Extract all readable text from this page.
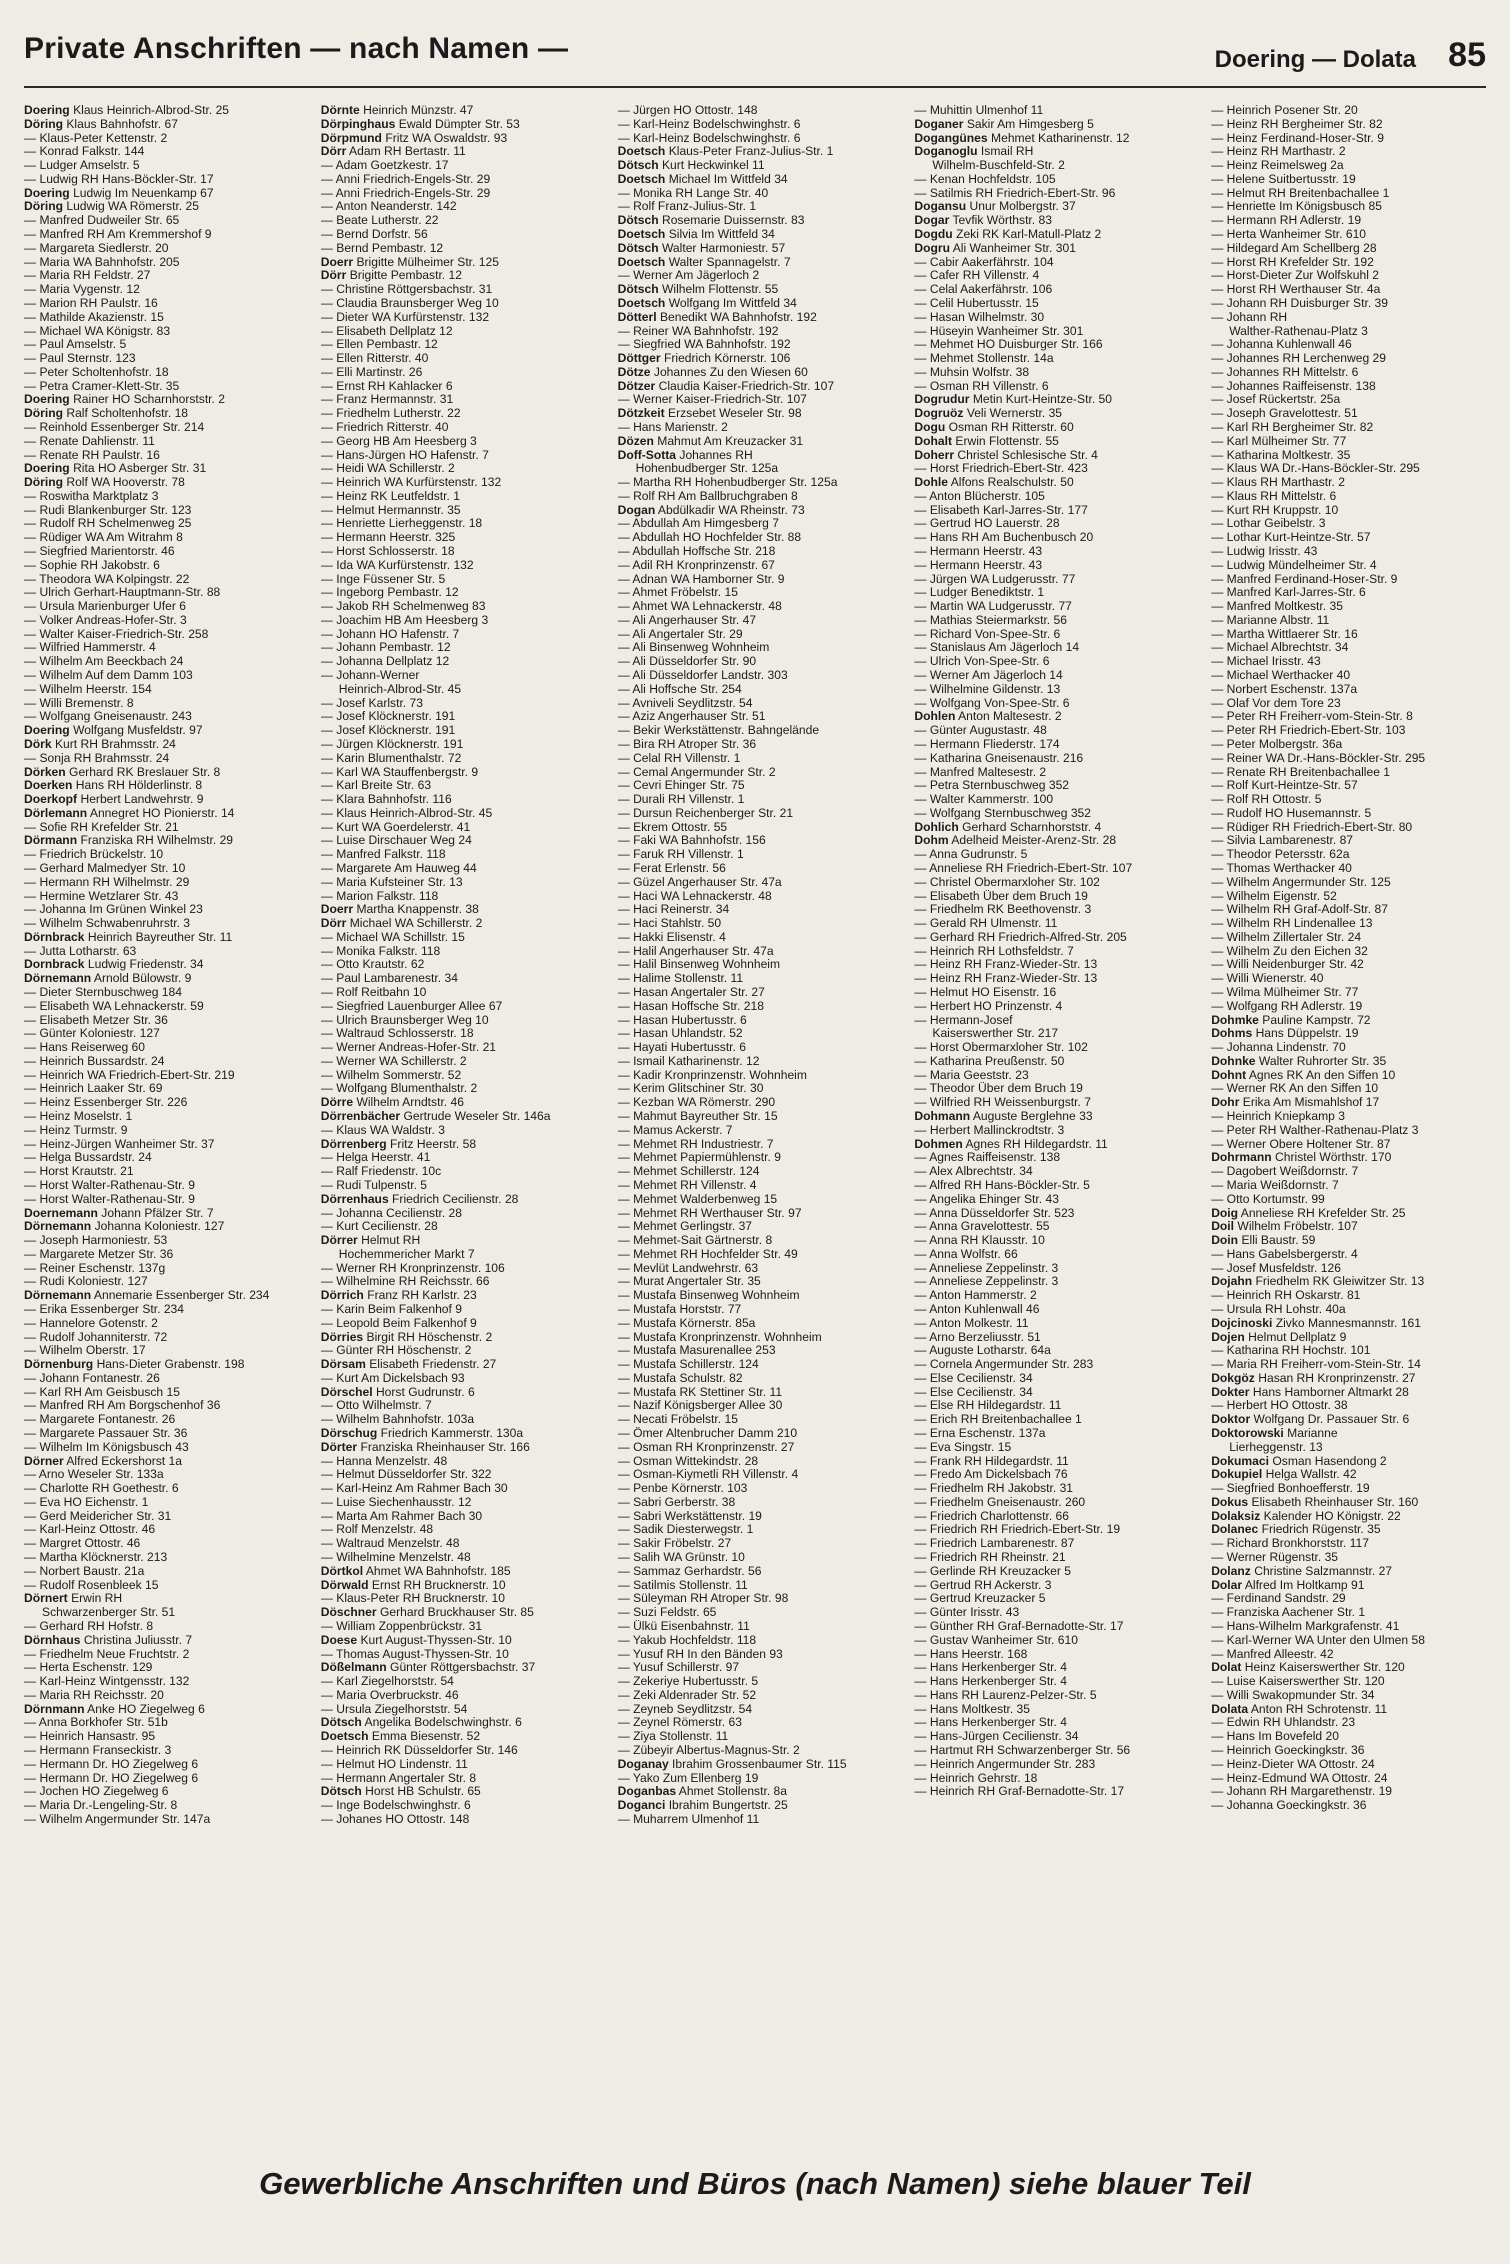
Private Anschriften — nach Namen —	Doering — Dolata 85
Doering Klaus Heinrich-Albrod-Str. 25
Döring Klaus Bahnhofstr. 67
— Klaus-Peter Kettenstr. 2
— Konrad Falkstr. 144
— Ludger Amselstr. 5
— Ludwig RH Hans-Böckler-Str. 17
Doering Ludwig Im Neuenkamp 67
Döring Ludwig WA Römerstr. 25
— Manfred Dudweiler Str. 65
— Manfred RH Am Kremmershof 9
— Margareta Siedlerstr. 20
— Maria WA Bahnhofstr. 205
— Maria RH Feldstr. 27
— Maria Vygenstr. 12
— Marion RH Paulstr. 16
— Mathilde Akazienstr. 15
— Michael WA Königstr. 83
— Paul Amselstr. 5
— Paul Sternstr. 123
— Peter Scholtenhofstr. 18
— Petra Cramer-Klett-Str. 35
Doering Rainer HO Scharnhorststr. 2
Döring Ralf Scholtenhofstr. 18
— Reinhold Essenberger Str. 214
— Renate Dahlienstr. 11
— Renate RH Paulstr. 16
Doering Rita HO Asberger Str. 31
Döring Rolf WA Hooverstr. 78
— Roswitha Marktplatz 3
— Rudi Blankenburger Str. 123
— Rudolf RH Schelmenweg 25
— Rüdiger WA Am Witrahm 8
— Siegfried Marientorstr. 46
— Sophie RH Jakobstr. 6
— Theodora WA Kolpingstr. 22
— Ulrich Gerhart-Hauptmann-Str. 88
— Ursula Marienburger Ufer 6
— Volker Andreas-Hofer-Str. 3
— Walter Kaiser-Friedrich-Str. 258
— Wilfried Hammerstr. 4
— Wilhelm Am Beeckbach 24
— Wilhelm Auf dem Damm 103
— Wilhelm Heerstr. 154
— Willi Bremenstr. 8
— Wolfgang Gneisenaustr. 243
Doering Wolfgang Musfeldstr. 97
Dörk Kurt RH Brahmsstr. 24
— Sonja RH Brahmsstr. 24
Dörken Gerhard RK Breslauer Str. 8
Doerken Hans RH Hölderlinstr. 8
Doerkopf Herbert Landwehrstr. 9
Dörlemann Annegret HO Pionierstr. 14
— Sofie RH Krefelder Str. 21
Dörmann Franziska RH Wilhelmstr. 29
— Friedrich Brückelstr. 10
— Gerhard Malmedyer Str. 10
— Hermann RH Wilhelmstr. 29
— Hermine Wetzlarer Str. 43
— Johanna Im Grünen Winkel 23
— Wilhelm Schwabenruhrstr. 3
Dörnbrack Heinrich Bayreuther Str. 11
— Jutta Lotharstr. 63
Dornbrack Ludwig Friedenstr. 34
Dörnemann Arnold Bülowstr. 9
— Dieter Sternbuschweg 184
— Elisabeth WA Lehnackerstr. 59
— Elisabeth Metzer Str. 36
— Günter Koloniestr. 127
— Hans Reiserweg 60
— Heinrich Bussardstr. 24
— Heinrich WA Friedrich-Ebert-Str. 219
— Heinrich Laaker Str. 69
— Heinz Essenberger Str. 226
— Heinz Moselstr. 1
— Heinz Turmstr. 9
— Heinz-Jürgen Wanheimer Str. 37
— Helga Bussardstr. 24
— Horst Krautstr. 21
— Horst Walter-Rathenau-Str. 9
— Horst Walter-Rathenau-Str. 9
Doernemann Johann Pfälzer Str. 7
Dörnemann Johanna Koloniestr. 127
— Joseph Harmoniestr. 53
— Margarete Metzer Str. 36
— Reiner Eschenstr. 137g
— Rudi Koloniestr. 127
Dörnemann Annemarie Essenberger Str. 234
— Erika Essenberger Str. 234
— Hannelore Gotenstr. 2
— Rudolf Johanniterstr. 72
— Wilhelm Oberstr. 17
Dörnenburg Hans-Dieter Grabenstr. 198
— Johann Fontanestr. 26
— Karl RH Am Geisbusch 15
— Manfred RH Am Borgschenhof 36
— Margarete Fontanestr. 26
— Margarete Passauer Str. 36
— Wilhelm Im Königsbusch 43
Dörner Alfred Eckershorst 1a
— Arno Weseler Str. 133a
— Charlotte RH Goethestr. 6
— Eva HO Eichenstr. 1
— Gerd Meidericher Str. 31
— Karl-Heinz Ottostr. 46
— Margret Ottostr. 46
— Martha Klöcknerstr. 213
— Norbert Baustr. 21a
— Rudolf Rosenbleek 15
Dörnert Erwin RH
Schwarzenberger Str. 51
— Gerhard RH Hofstr. 8
Dörnhaus Christina Juliusstr. 7
— Friedhelm Neue Fruchtstr. 2
— Herta Eschenstr. 129
— Karl-Heinz Wintgensstr. 132
— Maria RH Reichsstr. 20
Dörnmann Anke HO Ziegelweg 6
— Anna Borkhofer Str. 51b
— Heinrich Hansastr. 95
— Hermann Franseckistr. 3
— Hermann Dr. HO Ziegelweg 6
— Hermann Dr. HO Ziegelweg 6
— Jochen HO Ziegelweg 6
— Maria Dr.-Lengeling-Str. 8
— Wilhelm Angermunder Str. 147a
Dörnte Heinrich Münzstr. 47
Dörpinghaus Ewald Dümpter Str. 53
Dörpmund Fritz WA Oswaldstr. 93
Dörr Adam RH Bertastr. 11
— Adam Goetzkestr. 17
— Anni Friedrich-Engels-Str. 29
— Anni Friedrich-Engels-Str. 29
— Anton Neanderstr. 142
— Beate Lutherstr. 22
— Bernd Dorfstr. 56
— Bernd Pembastr. 12
Doerr Brigitte Mülheimer Str. 125
Dörr Brigitte Pembastr. 12
— Christine Röttgersbachstr. 31
— Claudia Braunsberger Weg 10
— Dieter WA Kurfürstenstr. 132
— Elisabeth Dellplatz 12
— Ellen Pembastr. 12
— Ellen Ritterstr. 40
— Elli Martinstr. 26
— Ernst RH Kahlacker 6
— Franz Hermannstr. 31
— Friedhelm Lutherstr. 22
— Friedrich Ritterstr. 40
— Georg HB Am Heesberg 3
— Hans-Jürgen HO Hafenstr. 7
— Heidi WA Schillerstr. 2
— Heinrich WA Kurfürstenstr. 132
— Heinz RK Leutfeldstr. 1
— Helmut Hermannstr. 35
— Henriette Lierheggenstr. 18
— Hermann Heerstr. 325
— Horst Schlosserstr. 18
— Ida WA Kurfürstenstr. 132
— Inge Füssener Str. 5
— Ingeborg Pembastr. 12
— Jakob RH Schelmenweg 83
— Joachim HB Am Heesberg 3
— Johann HO Hafenstr. 7
— Johann Pembastr. 12
— Johanna Dellplatz 12
— Johann-Werner
Heinrich-Albrod-Str. 45
— Josef Karlstr. 73
— Josef Klöcknerstr. 191
— Josef Klöcknerstr. 191
— Jürgen Klöcknerstr. 191
— Karin Blumenthalstr. 72
— Karl WA Stauffenbergstr. 9
— Karl Breite Str. 63
— Klara Bahnhofstr. 116
— Klaus Heinrich-Albrod-Str. 45
— Kurt WA Goerdelerstr. 41
— Luise Dirschauer Weg 24
— Manfred Falkstr. 118
— Margarete Am Hauweg 44
— Maria Kufsteiner Str. 13
— Marion Falkstr. 118
Doerr Martha Knappenstr. 38
Dörr Michael WA Schillerstr. 2
— Michael WA Schillstr. 15
— Monika Falkstr. 118
— Otto Krautstr. 62
— Paul Lambarenestr. 34
— Rolf Reitbahn 10
— Siegfried Lauenburger Allee 67
— Ulrich Braunsberger Weg 10
— Waltraud Schlosserstr. 18
— Werner Andreas-Hofer-Str. 21
— Werner WA Schillerstr. 2
— Wilhelm Sommerstr. 52
— Wolfgang Blumenthalstr. 2
Dörre Wilhelm Arndtstr. 46
Dörrenbächer Gertrude Weseler Str. 146a
— Klaus WA Waldstr. 3
Dörrenberg Fritz Heerstr. 58
— Helga Heerstr. 41
— Ralf Friedenstr. 10c
— Rudi Tulpenstr. 5
Dörrenhaus Friedrich Cecilienstr. 28
— Johanna Cecilienstr. 28
— Kurt Cecilienstr. 28
Dörrer Helmut RH
Hochemmericher Markt 7
— Werner RH Kronprinzenstr. 106
— Wilhelmine RH Reichsstr. 66
Dörrich Franz RH Karlstr. 23
— Karin Beim Falkenhof 9
— Leopold Beim Falkenhof 9
Dörries Birgit RH Höschenstr. 2
— Günter RH Höschenstr. 2
Dörsam Elisabeth Friedenstr. 27
— Kurt Am Dickelsbach 93
Dörschel Horst Gudrunstr. 6
— Otto Wilhelmstr. 7
— Wilhelm Bahnhofstr. 103a
Dörschug Friedrich Kammerstr. 130a
Dörter Franziska Rheinhauser Str. 166
— Hanna Menzelstr. 48
— Helmut Düsseldorfer Str. 322
— Karl-Heinz Am Rahmer Bach 30
— Luise Siechenhausstr. 12
— Marta Am Rahmer Bach 30
— Rolf Menzelstr. 48
— Waltraud Menzelstr. 48
— Wilhelmine Menzelstr. 48
Dörtkol Ahmet WA Bahnhofstr. 185
Dörwald Ernst RH Brucknerstr. 10
— Klaus-Peter RH Brucknerstr. 10
Döschner Gerhard Bruckhauser Str. 85
— William Zoppenbrückstr. 31
Doese Kurt August-Thyssen-Str. 10
— Thomas August-Thyssen-Str. 10
Dößelmann Günter Röttgersbachstr. 37
— Karl Ziegelhorststr. 54
— Maria Overbruckstr. 46
— Ursula Ziegelhorststr. 54
Dötsch Angelika Bodelschwinghstr. 6
Doetsch Emma Biesenstr. 52
— Heinrich RK Düsseldorfer Str. 146
— Helmut HO Lindenstr. 11
— Hermann Angertaler Str. 8
Dötsch Horst HB Schulstr. 65
— Inge Bodelschwinghstr. 6
— Johanes HO Ottostr. 148
— Jürgen HO Ottostr. 148
— Karl-Heinz Bodelschwinghstr. 6
— Karl-Heinz Bodelschwinghstr. 6
Doetsch Klaus-Peter Franz-Julius-Str. 1
Dötsch Kurt Heckwinkel 11
Doetsch Michael Im Wittfeld 34
— Monika RH Lange Str. 40
— Rolf Franz-Julius-Str. 1
Dötsch Rosemarie Duissernstr. 83
Doetsch Silvia Im Wittfeld 34
Dötsch Walter Harmoniestr. 57
Doetsch Walter Spannagelstr. 7
— Werner Am Jägerloch 2
Dötsch Wilhelm Flottenstr. 55
Doetsch Wolfgang Im Wittfeld 34
Dötterl Benedikt WA Bahnhofstr. 192
— Reiner WA Bahnhofstr. 192
— Siegfried WA Bahnhofstr. 192
Döttger Friedrich Körnerstr. 106
Dötze Johannes Zu den Wiesen 60
Dötzer Claudia Kaiser-Friedrich-Str. 107
— Werner Kaiser-Friedrich-Str. 107
Dötzkeit Erzsebet Weseler Str. 98
— Hans Marienstr. 2
Dözen Mahmut Am Kreuzacker 31
Doff-Sotta Johannes RH
Hohenbudberger Str. 125a
— Martha RH Hohenbudberger Str. 125a
— Rolf RH Am Ballbruchgraben 8
Dogan Abdülkadir WA Rheinstr. 73
— Abdullah Am Himgesberg 7
— Abdullah HO Hochfelder Str. 88
— Abdullah Hoffsche Str. 218
— Adil RH Kronprinzenstr. 67
— Adnan WA Hamborner Str. 9
— Ahmet Fröbelstr. 15
— Ahmet WA Lehnackerstr. 48
— Ali Angerhauser Str. 47
— Ali Angertaler Str. 29
— Ali Binsenweg Wohnheim
— Ali Düsseldorfer Str. 90
— Ali Düsseldorfer Landstr. 303
— Ali Hoffsche Str. 254
— Avniveli Seydlitzstr. 54
— Aziz Angerhauser Str. 51
— Bekir Werkstättenstr. Bahngelände
— Bira RH Atroper Str. 36
— Celal RH Villenstr. 1
— Cemal Angermunder Str. 2
— Cevri Ehinger Str. 75
— Durali RH Villenstr. 1
— Dursun Reichenberger Str. 21
— Ekrem Ottostr. 55
— Faki WA Bahnhofstr. 156
— Faruk RH Villenstr. 1
— Ferat Erlenstr. 56
— Güzel Angerhauser Str. 47a
— Haci WA Lehnackerstr. 48
— Haci Reinerstr. 34
— Haci Stahlstr. 50
— Hakki Elisenstr. 4
— Halil Angerhauser Str. 47a
— Halil Binsenweg Wohnheim
— Halime Stollenstr. 11
— Hasan Angertaler Str. 27
— Hasan Hoffsche Str. 218
— Hasan Hubertusstr. 6
— Hasan Uhlandstr. 52
— Hayati Hubertusstr. 6
— Ismail Katharinenstr. 12
— Kadir Kronprinzenstr. Wohnheim
— Kerim Glitschiner Str. 30
— Kezban WA Römerstr. 290
— Mahmut Bayreuther Str. 15
— Mamus Ackerstr. 7
— Mehmet RH Industriestr. 7
— Mehmet Papiermühlenstr. 9
— Mehmet Schillerstr. 124
— Mehmet RH Villenstr. 4
— Mehmet Walderbenweg 15
— Mehmet RH Werthauser Str. 97
— Mehmet Gerlingstr. 37
— Mehmet-Sait Gärtnerstr. 8
— Mehmet RH Hochfelder Str. 49
— Mevlüt Landwehrstr. 63
— Murat Angertaler Str. 35
— Mustafa Binsenweg Wohnheim
— Mustafa Horststr. 77
— Mustafa Körnerstr. 85a
— Mustafa Kronprinzenstr. Wohnheim
— Mustafa Masurenallee 253
— Mustafa Schillerstr. 124
— Mustafa Schulstr. 82
— Mustafa RK Stettiner Str. 11
— Nazif Königsberger Allee 30
— Necati Fröbelstr. 15
— Ömer Altenbrucher Damm 210
— Osman RH Kronprinzenstr. 27
— Osman Wittekindstr. 28
— Osman-Kiymetli RH Villenstr. 4
— Penbe Körnerstr. 103
— Sabri Gerberstr. 38
— Sabri Werkstättenstr. 19
— Sadik Diesterwegstr. 1
— Sakir Fröbelstr. 27
— Salih WA Grünstr. 10
— Sammaz Gerhardstr. 56
— Satilmis Stollenstr. 11
— Süleyman RH Atroper Str. 98
— Suzi Feldstr. 65
— Ülkü Eisenbahnstr. 11
— Yakub Hochfeldstr. 118
— Yusuf RH In den Bänden 93
— Yusuf Schillerstr. 97
— Zekeriye Hubertusstr. 5
— Zeki Aldenrader Str. 52
— Zeyneb Seydlitzstr. 54
— Zeynel Römerstr. 63
— Ziya Stollenstr. 11
— Zübeyir Albertus-Magnus-Str. 2
Doganay Ibrahim Grossenbaumer Str. 115
— Yako Zum Ellenberg 19
Doganbas Ahmet Stollenstr. 8a
Doganci Ibrahim Bungertstr. 25
— Muharrem Ulmenhof 11
— Muhittin Ulmenhof 11
Doganer Sakir Am Himgesberg 5
Dogangünes Mehmet Katharinenstr. 12
Doganoglu Ismail RH
Wilhelm-Buschfeld-Str. 2
— Kenan Hochfeldstr. 105
— Satilmis RH Friedrich-Ebert-Str. 96
Dogansu Unur Molbergstr. 37
Dogar Tevfik Wörthstr. 83
Dogdu Zeki RK Karl-Matull-Platz 2
Dogru Ali Wanheimer Str. 301
— Cabir Aakerfährstr. 104
— Cafer RH Villenstr. 4
— Celal Aakerfährstr. 106
— Celil Hubertusstr. 15
— Hasan Wilhelmstr. 30
— Hüseyin Wanheimer Str. 301
— Mehmet HO Duisburger Str. 166
— Mehmet Stollenstr. 14a
— Muhsin Wolfstr. 38
— Osman RH Villenstr. 6
Dogrudur Metin Kurt-Heintze-Str. 50
Dogruöz Veli Wernerstr. 35
Dogu Osman RH Ritterstr. 60
Dohalt Erwin Flottenstr. 55
Doherr Christel Schlesische Str. 4
— Horst Friedrich-Ebert-Str. 423
Dohle Alfons Realschulstr. 50
— Anton Blücherstr. 105
— Elisabeth Karl-Jarres-Str. 177
— Gertrud HO Lauerstr. 28
— Hans RH Am Buchenbusch 20
— Hermann Heerstr. 43
— Hermann Heerstr. 43
— Jürgen WA Ludgerusstr. 77
— Ludger Benediktstr. 1
— Martin WA Ludgerusstr. 77
— Mathias Steiermarkstr. 56
— Richard Von-Spee-Str. 6
— Stanislaus Am Jägerloch 14
— Ulrich Von-Spee-Str. 6
— Werner Am Jägerloch 14
— Wilhelmine Gildenstr. 13
— Wolfgang Von-Spee-Str. 6
Dohlen Anton Maltesestr. 2
— Günter Augustastr. 48
— Hermann Fliederstr. 174
— Katharina Gneisenaustr. 216
— Manfred Maltesestr. 2
— Petra Sternbuschweg 352
— Walter Kammerstr. 100
— Wolfgang Sternbuschweg 352
Dohlich Gerhard Scharnhorststr. 4
Dohm Adelheid Meister-Arenz-Str. 28
— Anna Gudrunstr. 5
— Anneliese RH Friedrich-Ebert-Str. 107
— Christel Obermarxloher Str. 102
— Elisabeth Über dem Bruch 19
— Friedhelm RK Beethovenstr. 3
— Gerald RH Ulmenstr. 11
— Gerhard RH Friedrich-Alfred-Str. 205
— Heinrich RH Lothsfeldstr. 7
— Heinz RH Franz-Wieder-Str. 13
— Heinz RH Franz-Wieder-Str. 13
— Helmut HO Eisenstr. 16
— Herbert HO Prinzenstr. 4
— Hermann-Josef
Kaiserswerther Str. 217
— Horst Obermarxloher Str. 102
— Katharina Preußenstr. 50
— Maria Geeststr. 23
— Theodor Über dem Bruch 19
— Wilfried RH Weissenburgstr. 7
Dohmann Auguste Berglehne 33
— Herbert Mallinckrodtstr. 3
Dohmen Agnes RH Hildegardstr. 11
— Agnes Raiffeisenstr. 138
— Alex Albrechtstr. 34
— Alfred RH Hans-Böckler-Str. 5
— Angelika Ehinger Str. 43
— Anna Düsseldorfer Str. 523
— Anna Gravelottestr. 55
— Anna RH Klausstr. 10
— Anna Wolfstr. 66
— Anneliese Zeppelinstr. 3
— Anneliese Zeppelinstr. 3
— Anton Hammerstr. 2
— Anton Kuhlenwall 46
— Anton Molkestr. 11
— Arno Berzeliusstr. 51
— Auguste Lotharstr. 64a
— Cornela Angermunder Str. 283
— Else Cecilienstr. 34
— Else Cecilienstr. 34
— Else RH Hildegardstr. 11
— Erich RH Breitenbachallee 1
— Erna Eschenstr. 137a
— Eva Singstr. 15
— Frank RH Hildegardstr. 11
— Fredo Am Dickelsbach 76
— Friedhelm RH Jakobstr. 31
— Friedhelm Gneisenaustr. 260
— Friedrich Charlottenstr. 66
— Friedrich RH Friedrich-Ebert-Str. 19
— Friedrich Lambarenestr. 87
— Friedrich RH Rheinstr. 21
— Gerlinde RH Kreuzacker 5
— Gertrud RH Ackerstr. 3
— Gertrud Kreuzacker 5
— Günter Irisstr. 43
— Günther RH Graf-Bernadotte-Str. 17
— Gustav Wanheimer Str. 610
— Hans Heerstr. 168
— Hans Herkenberger Str. 4
— Hans Herkenberger Str. 4
— Hans RH Laurenz-Pelzer-Str. 5
— Hans Moltkestr. 35
— Hans Herkenberger Str. 4
— Hans-Jürgen Cecilienstr. 34
— Hartmut RH Schwarzenberger Str. 56
— Heinrich Angermunder Str. 283
— Heinrich Gehrstr. 18
— Heinrich RH Graf-Bernadotte-Str. 17
— Heinrich Posener Str. 20
— Heinz RH Bergheimer Str. 82
— Heinz Ferdinand-Hoser-Str. 9
— Heinz RH Marthastr. 2
— Heinz Reimelsweg 2a
— Helene Suitbertusstr. 19
— Helmut RH Breitenbachallee 1
— Henriette Im Königsbusch 85
— Hermann RH Adlerstr. 19
— Herta Wanheimer Str. 610
— Hildegard Am Schellberg 28
— Horst RH Krefelder Str. 192
— Horst-Dieter Zur Wolfskuhl 2
— Horst RH Werthauser Str. 4a
— Johann RH Duisburger Str. 39
— Johann RH
Walther-Rathenau-Platz 3
— Johanna Kuhlenwall 46
— Johannes RH Lerchenweg 29
— Johannes RH Mittelstr. 6
— Johannes Raiffeisenstr. 138
— Josef Rückertstr. 25a
— Joseph Gravelottestr. 51
— Karl RH Bergheimer Str. 82
— Karl Mülheimer Str. 77
— Katharina Moltkestr. 35
— Klaus WA Dr.-Hans-Böckler-Str. 295
— Klaus RH Marthastr. 2
— Klaus RH Mittelstr. 6
— Kurt RH Kruppstr. 10
— Lothar Geibelstr. 3
— Lothar Kurt-Heintze-Str. 57
— Ludwig Irisstr. 43
— Ludwig Mündelheimer Str. 4
— Manfred Ferdinand-Hoser-Str. 9
— Manfred Karl-Jarres-Str. 6
— Manfred Moltkestr. 35
— Marianne Albstr. 11
— Martha Wittlaerer Str. 16
— Michael Albrechtstr. 34
— Michael Irisstr. 43
— Michael Werthacker 40
— Norbert Eschenstr. 137a
— Olaf Vor dem Tore 23
— Peter RH Freiherr-vom-Stein-Str. 8
— Peter RH Friedrich-Ebert-Str. 103
— Peter Molbergstr. 36a
— Reiner WA Dr.-Hans-Böckler-Str. 295
— Renate RH Breitenbachallee 1
— Rolf Kurt-Heintze-Str. 57
— Rolf RH Ottostr. 5
— Rudolf HO Husemannstr. 5
— Rüdiger RH Friedrich-Ebert-Str. 80
— Silvia Lambarenestr. 87
— Theodor Petersstr. 62a
— Thomas Werthacker 40
— Wilhelm Angermunder Str. 125
— Wilhelm Eigenstr. 52
— Wilhelm RH Graf-Adolf-Str. 87
— Wilhelm RH Lindenallee 13
— Wilhelm Zillertaler Str. 24
— Wilhelm Zu den Eichen 32
— Willi Neidenburger Str. 42
— Willi Wienerstr. 40
— Wilma Mülheimer Str. 77
— Wolfgang RH Adlerstr. 19
Dohmke Pauline Kampstr. 72
Dohms Hans Düppelstr. 19
— Johanna Lindenstr. 70
Dohnke Walter Ruhrorter Str. 35
Dohnt Agnes RK An den Siffen 10
— Werner RK An den Siffen 10
Dohr Erika Am Mismahlshof 17
— Heinrich Kniepkamp 3
— Peter RH Walther-Rathenau-Platz 3
— Werner Obere Holtener Str. 87
Dohrmann Christel Wörthstr. 170
— Dagobert Weißdornstr. 7
— Maria Weißdornstr. 7
— Otto Kortumstr. 99
Doig Anneliese RH Krefelder Str. 25
Doil Wilhelm Fröbelstr. 107
Doin Elli Baustr. 59
— Hans Gabelsbergerstr. 4
— Josef Musfeldstr. 126
Dojahn Friedhelm RK Gleiwitzer Str. 13
— Heinrich RH Oskarstr. 81
— Ursula RH Lohstr. 40a
Dojcinoski Zivko Mannesmannstr. 161
Dojen Helmut Dellplatz 9
— Katharina RH Hochstr. 101
— Maria RH Freiherr-vom-Stein-Str. 14
Dokgöz Hasan RH Kronprinzenstr. 27
Dokter Hans Hamborner Altmarkt 28
— Herbert HO Ottostr. 38
Doktor Wolfgang Dr. Passauer Str. 6
Doktorowski Marianne
Lierheggenstr. 13
Dokumaci Osman Hasendong 2
Dokupiel Helga Wallstr. 42
— Siegfried Bonhoefferstr. 19
Dokus Elisabeth Rheinhauser Str. 160
Dolaksiz Kalender HO Königstr. 22
Dolanec Friedrich Rügenstr. 35
— Richard Bronkhorststr. 117
— Werner Rügenstr. 35
Dolanz Christine Salzmannstr. 27
Dolar Alfred Im Holtkamp 91
— Ferdinand Sandstr. 29
— Franziska Aachener Str. 1
— Hans-Wilhelm Markgrafenstr. 41
— Karl-Werner WA Unter den Ulmen 58
— Manfred Alleestr. 42
Dolat Heinz Kaiserswerther Str. 120
— Luise Kaiserswerther Str. 120
— Willi Swakopmunder Str. 34
Dolata Anton RH Schrotenstr. 11
— Edwin RH Uhlandstr. 23
— Hans Im Bovefeld 20
— Heinrich Goeckingkstr. 36
— Heinz-Dieter WA Ottostr. 24
— Heinz-Edmund WA Ottostr. 24
— Johann RH Margarethenstr. 19
— Johanna Goeckingkstr. 36
Gewerbliche Anschriften und Büros (nach Namen) siehe blauer Teil
